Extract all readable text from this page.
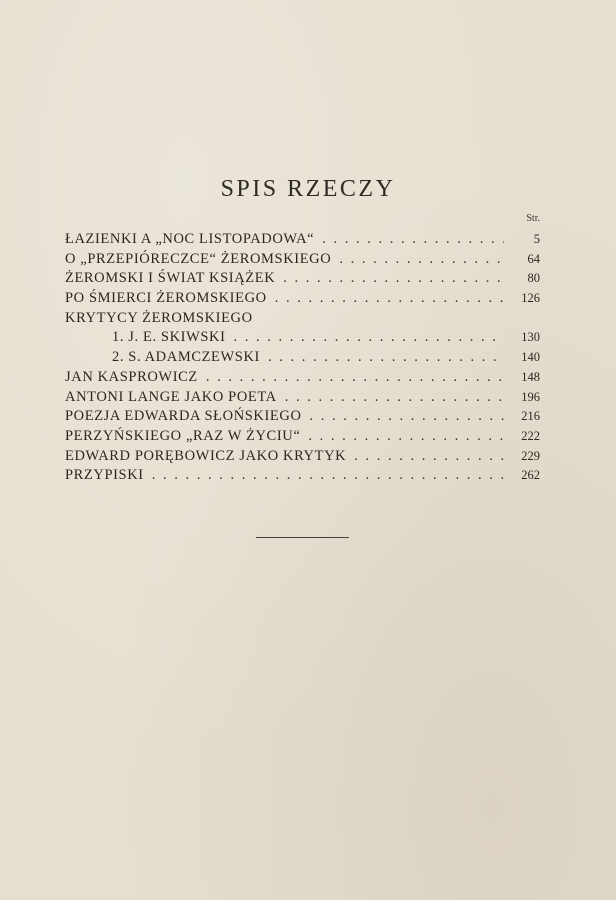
SPIS RZECZY
Str.
ŁAZIENKI A „NOC LISTOPADOWA“ . . .	5
O „PRZEPIÓRECZCE“ ŻEROMSKIEGO . . .	64
ŻEROMSKI I ŚWIAT KSIĄŻEK . . .	80
PO ŚMIERCI ŻEROMSKIEGO . . .	126
KRYTYCY ŻEROMSKIEGO
1. J. E. SKIWSKI . . .	130
2. S. ADAMCZEWSKI . . .	140
JAN KASPROWICZ . . .	148
ANTONI LANGE JAKO POETA . . .	196
POEZJA EDWARDA SŁOŃSKIEGO . . .	216
PERZYŃSKIEGO „RAZ W ŻYCIU“ . . .	222
EDWARD PORĘBOWICZ JAKO KRYTYK . . .	229
PRZYPISKI . . .	262
